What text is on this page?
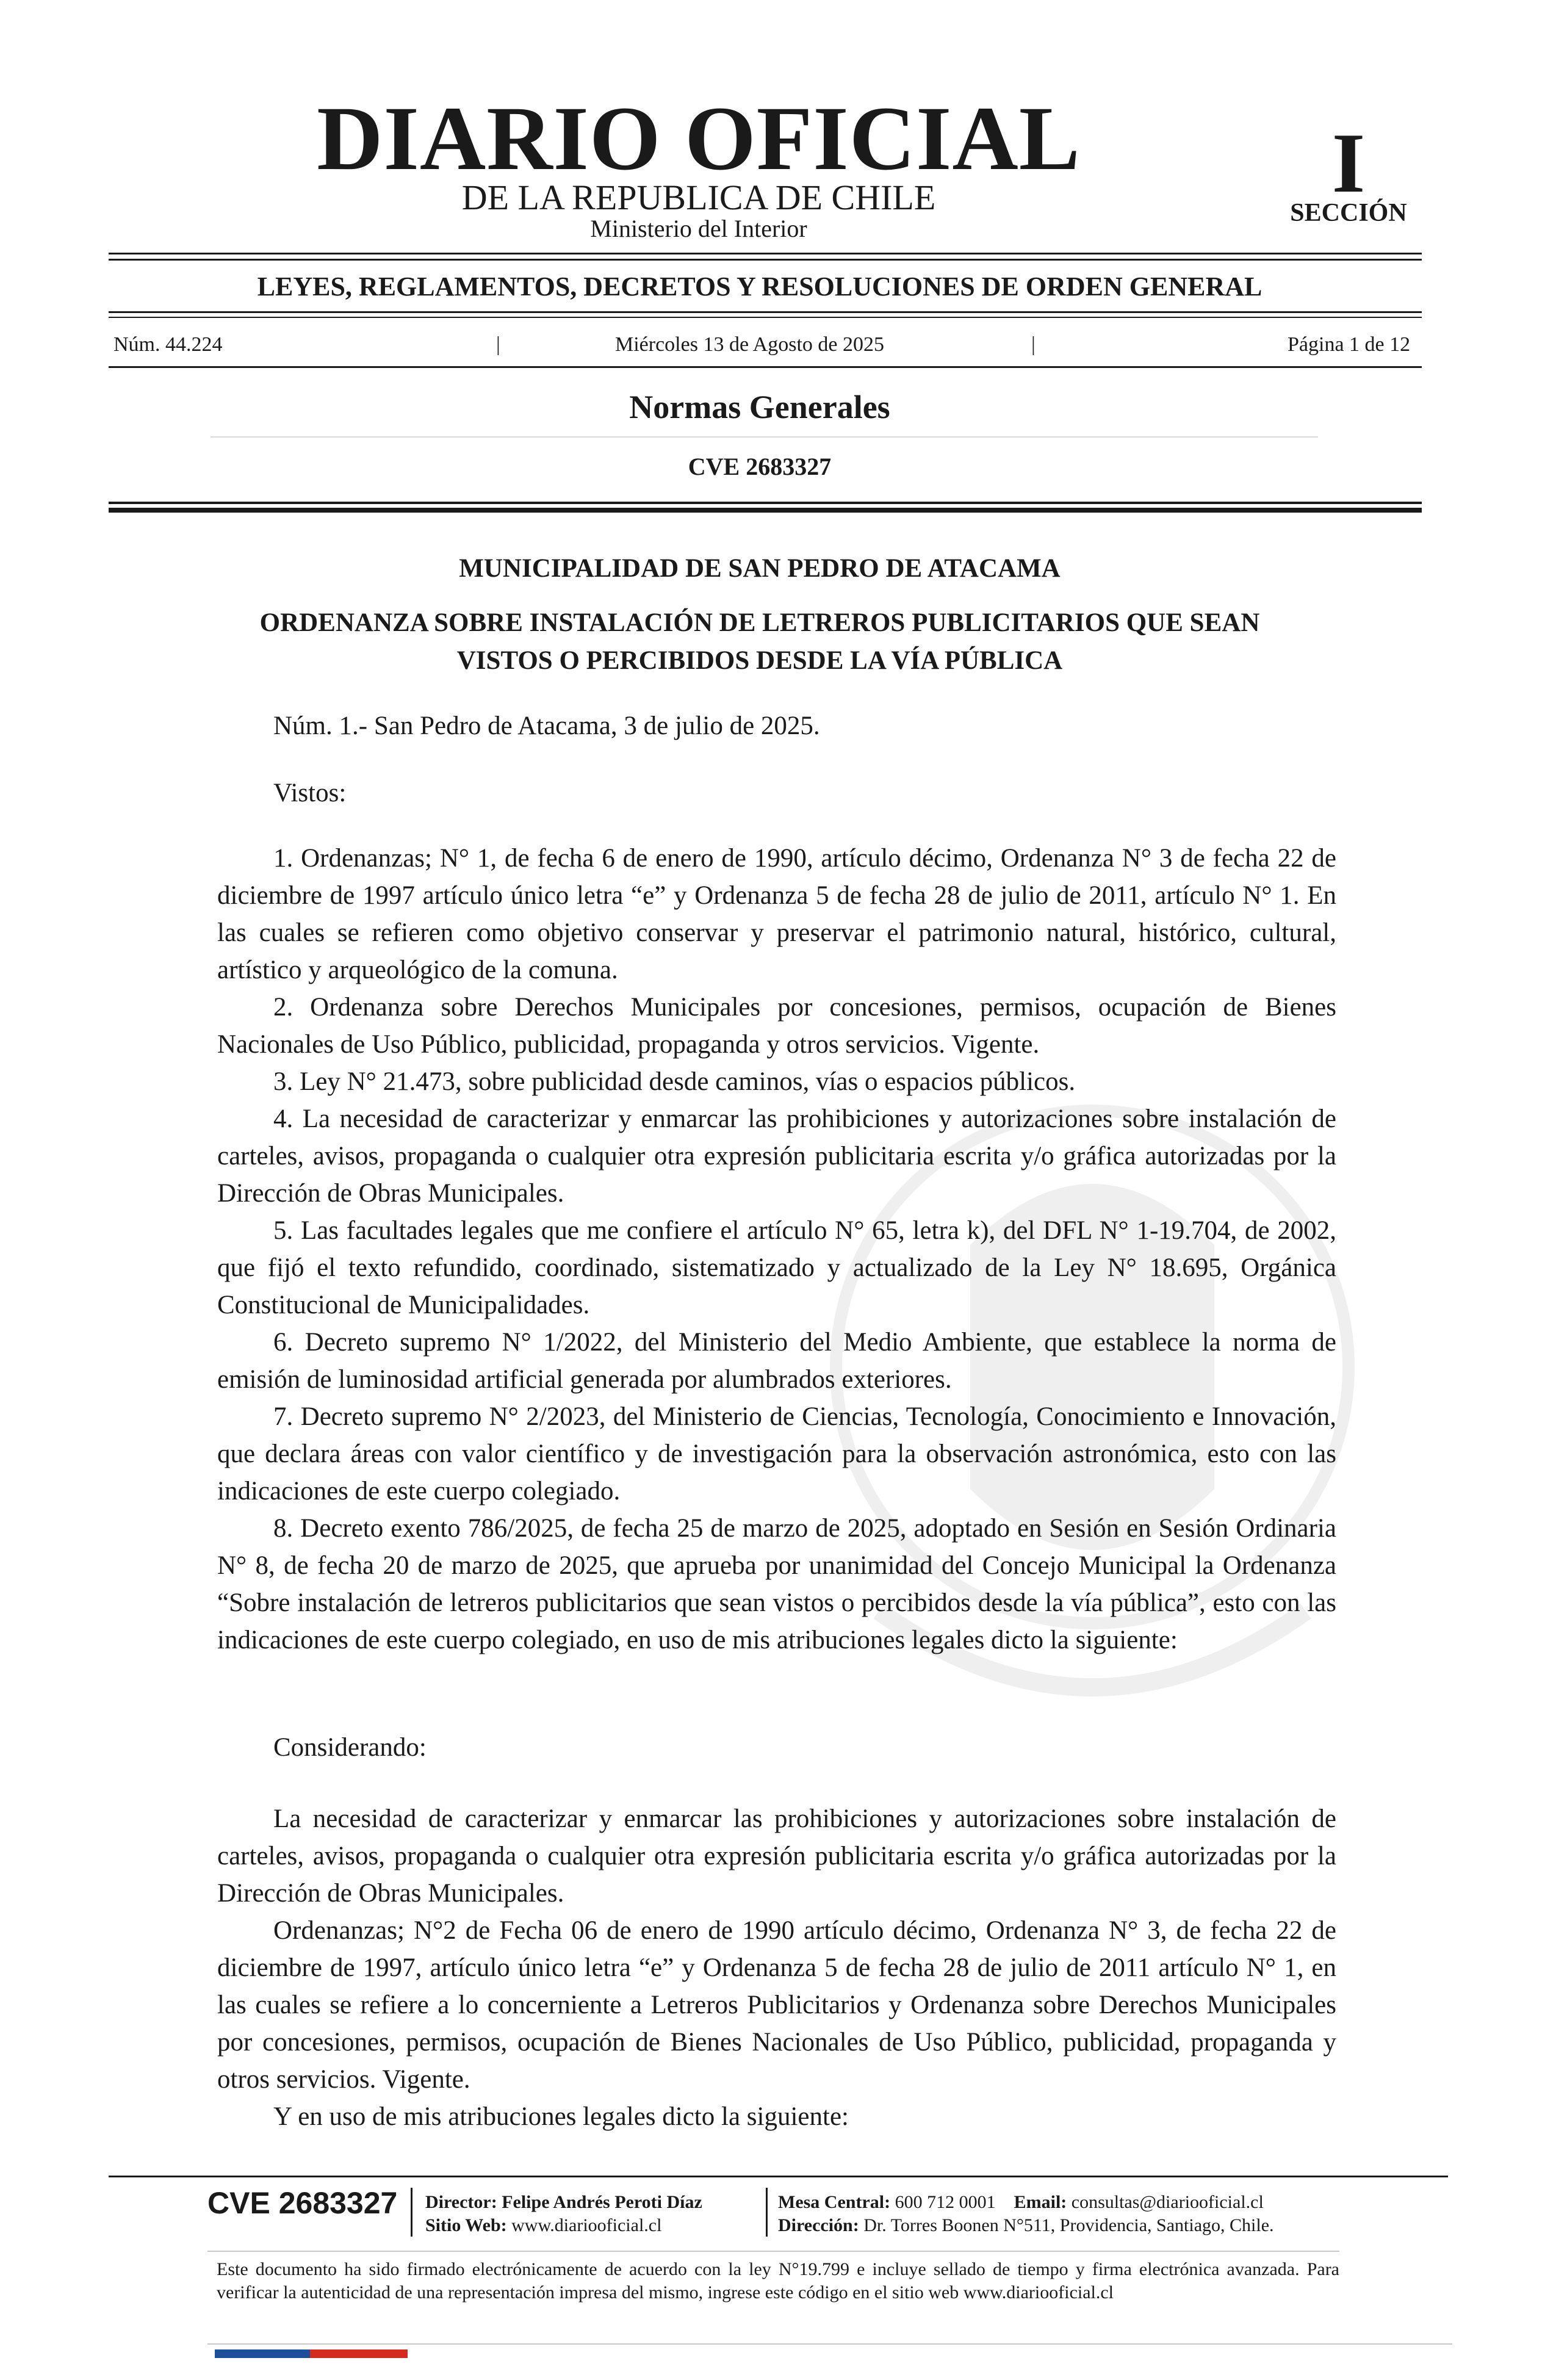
DIARIO OFICIAL
DE LA REPUBLICA DE CHILE
Ministerio del Interior
I
SECCIÓN
LEYES, REGLAMENTOS, DECRETOS Y RESOLUCIONES DE ORDEN GENERAL
Núm. 44.224	|	Miércoles 13 de Agosto de 2025	|	Página 1 de 12
Normas Generales
CVE 2683327
MUNICIPALIDAD DE SAN PEDRO DE ATACAMA
ORDENANZA SOBRE INSTALACIÓN DE LETREROS PUBLICITARIOS QUE SEAN VISTOS O PERCIBIDOS DESDE LA VÍA PÚBLICA
Núm. 1.- San Pedro de Atacama, 3 de julio de 2025.
Vistos:

1. Ordenanzas; N° 1, de fecha 6 de enero de 1990, artículo décimo, Ordenanza N° 3 de fecha 22 de diciembre de 1997 artículo único letra “e” y Ordenanza 5 de fecha 28 de julio de 2011, artículo N° 1. En las cuales se refieren como objetivo conservar y preservar el patrimonio natural, histórico, cultural, artístico y arqueológico de la comuna.

2. Ordenanza sobre Derechos Municipales por concesiones, permisos, ocupación de Bienes Nacionales de Uso Público, publicidad, propaganda y otros servicios. Vigente.

3. Ley N° 21.473, sobre publicidad desde caminos, vías o espacios públicos.

4. La necesidad de caracterizar y enmarcar las prohibiciones y autorizaciones sobre instalación de carteles, avisos, propaganda o cualquier otra expresión publicitaria escrita y/o gráfica autorizadas por la Dirección de Obras Municipales.

5. Las facultades legales que me confiere el artículo N° 65, letra k), del DFL N° 1-19.704, de 2002, que fijó el texto refundido, coordinado, sistematizado y actualizado de la Ley N° 18.695, Orgánica Constitucional de Municipalidades.

6. Decreto supremo N° 1/2022, del Ministerio del Medio Ambiente, que establece la norma de emisión de luminosidad artificial generada por alumbrados exteriores.

7. Decreto supremo N° 2/2023, del Ministerio de Ciencias, Tecnología, Conocimiento e Innovación, que declara áreas con valor científico y de investigación para la observación astronómica, esto con las indicaciones de este cuerpo colegiado.

8. Decreto exento 786/2025, de fecha 25 de marzo de 2025, adoptado en Sesión en Sesión Ordinaria N° 8, de fecha 20 de marzo de 2025, que aprueba por unanimidad del Concejo Municipal la Ordenanza “Sobre instalación de letreros publicitarios que sean vistos o percibidos desde la vía pública”, esto con las indicaciones de este cuerpo colegiado, en uso de mis atribuciones legales dicto la siguiente:

Considerando:

La necesidad de caracterizar y enmarcar las prohibiciones y autorizaciones sobre instalación de carteles, avisos, propaganda o cualquier otra expresión publicitaria escrita y/o gráfica autorizadas por la Dirección de Obras Municipales.

Ordenanzas; N°2 de Fecha 06 de enero de 1990 artículo décimo, Ordenanza N° 3, de fecha 22 de diciembre de 1997, artículo único letra “e” y Ordenanza 5 de fecha 28 de julio de 2011 artículo N° 1, en las cuales se refiere a lo concerniente a Letreros Publicitarios y Ordenanza sobre Derechos Municipales por concesiones, permisos, ocupación de Bienes Nacionales de Uso Público, publicidad, propaganda y otros servicios. Vigente.

Y en uso de mis atribuciones legales dicto la siguiente:

CVE 2683327 Director: Felipe Andrés Peroti Díaz
Sitio Web: www.diariooficial.cl
Mesa Central: 600 712 0001 Email: consultas@diariooficial.cl
Dirección: Dr. Torres Boonen N°511, Providencia, Santiago, Chile.
Este documento ha sido firmado electrónicamente de acuerdo con la ley N°19.799 e incluye sellado de tiempo y firma electrónica avanzada. Para verificar la autenticidad de una representación impresa del mismo, ingrese este código en el sitio web www.diariooficial.cl
